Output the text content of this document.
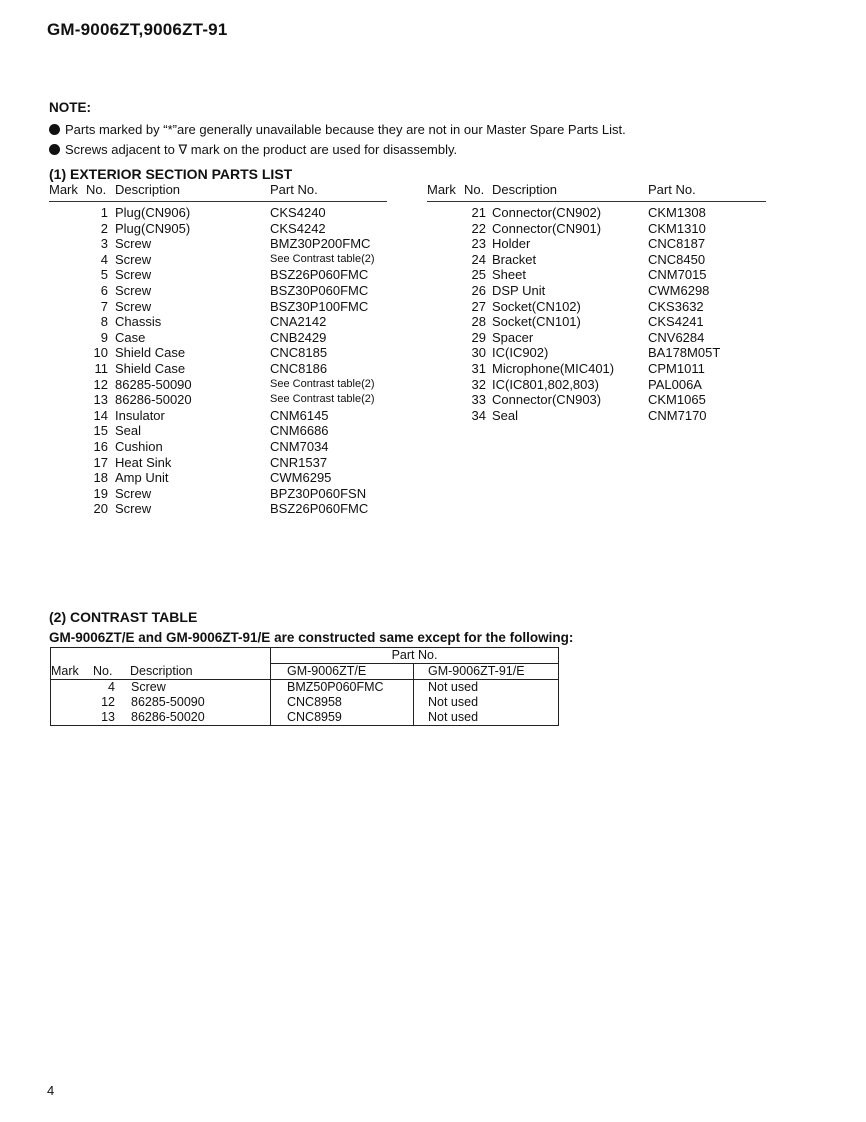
GM-9006ZT,9006ZT-91
NOTE:
Parts marked by “*”are generally unavailable because they are not in our Master Spare Parts List.
Screws adjacent to ∇ mark on the product are used for disassembly.
(1) EXTERIOR SECTION PARTS LIST
Mark No. Description	Part No.	Mark No. Description	Part No.
1 Plug(CN906)	CKS4240
2 Plug(CN905)	CKS4242
3 Screw	BMZ30P200FMC
4 Screw	See Contrast table(2)
5 Screw	BSZ26P060FMC
6 Screw	BSZ30P060FMC
7 Screw	BSZ30P100FMC
8 Chassis	CNA2142
9 Case	CNB2429
10 Shield Case	CNC8185
11 Shield Case	CNC8186
12 86285-50090	See Contrast table(2)
13 86286-50020	See Contrast table(2)
14 Insulator	CNM6145
15 Seal	CNM6686
16 Cushion	CNM7034
17 Heat Sink	CNR1537
18 Amp Unit	CWM6295
19 Screw	BPZ30P060FSN
20 Screw	BSZ26P060FMC
21 Connector(CN902)	CKM1308
22 Connector(CN901)	CKM1310
23 Holder	CNC8187
24 Bracket	CNC8450
25 Sheet	CNM7015
26 DSP Unit	CWM6298
27 Socket(CN102)	CKS3632
28 Socket(CN101)	CKS4241
29 Spacer	CNV6284
30 IC(IC902)	BA178M05T
31 Microphone(MIC401)	CPM1011
32 IC(IC801,802,803)	PAL006A
33 Connector(CN903)	CKM1065
34 Seal	CNM7170
(2) CONTRAST TABLE
GM-9006ZT/E and GM-9006ZT-91/E are constructed same except for the following:
	Part No.	
Mark No. Description	GM-9006ZT/E	GM-9006ZT-91/E
4 Screw	BMZ50P060FMC	Not used
12 86285-50090	CNC8958	Not used
13 86286-50020	CNC8959	Not used
4
